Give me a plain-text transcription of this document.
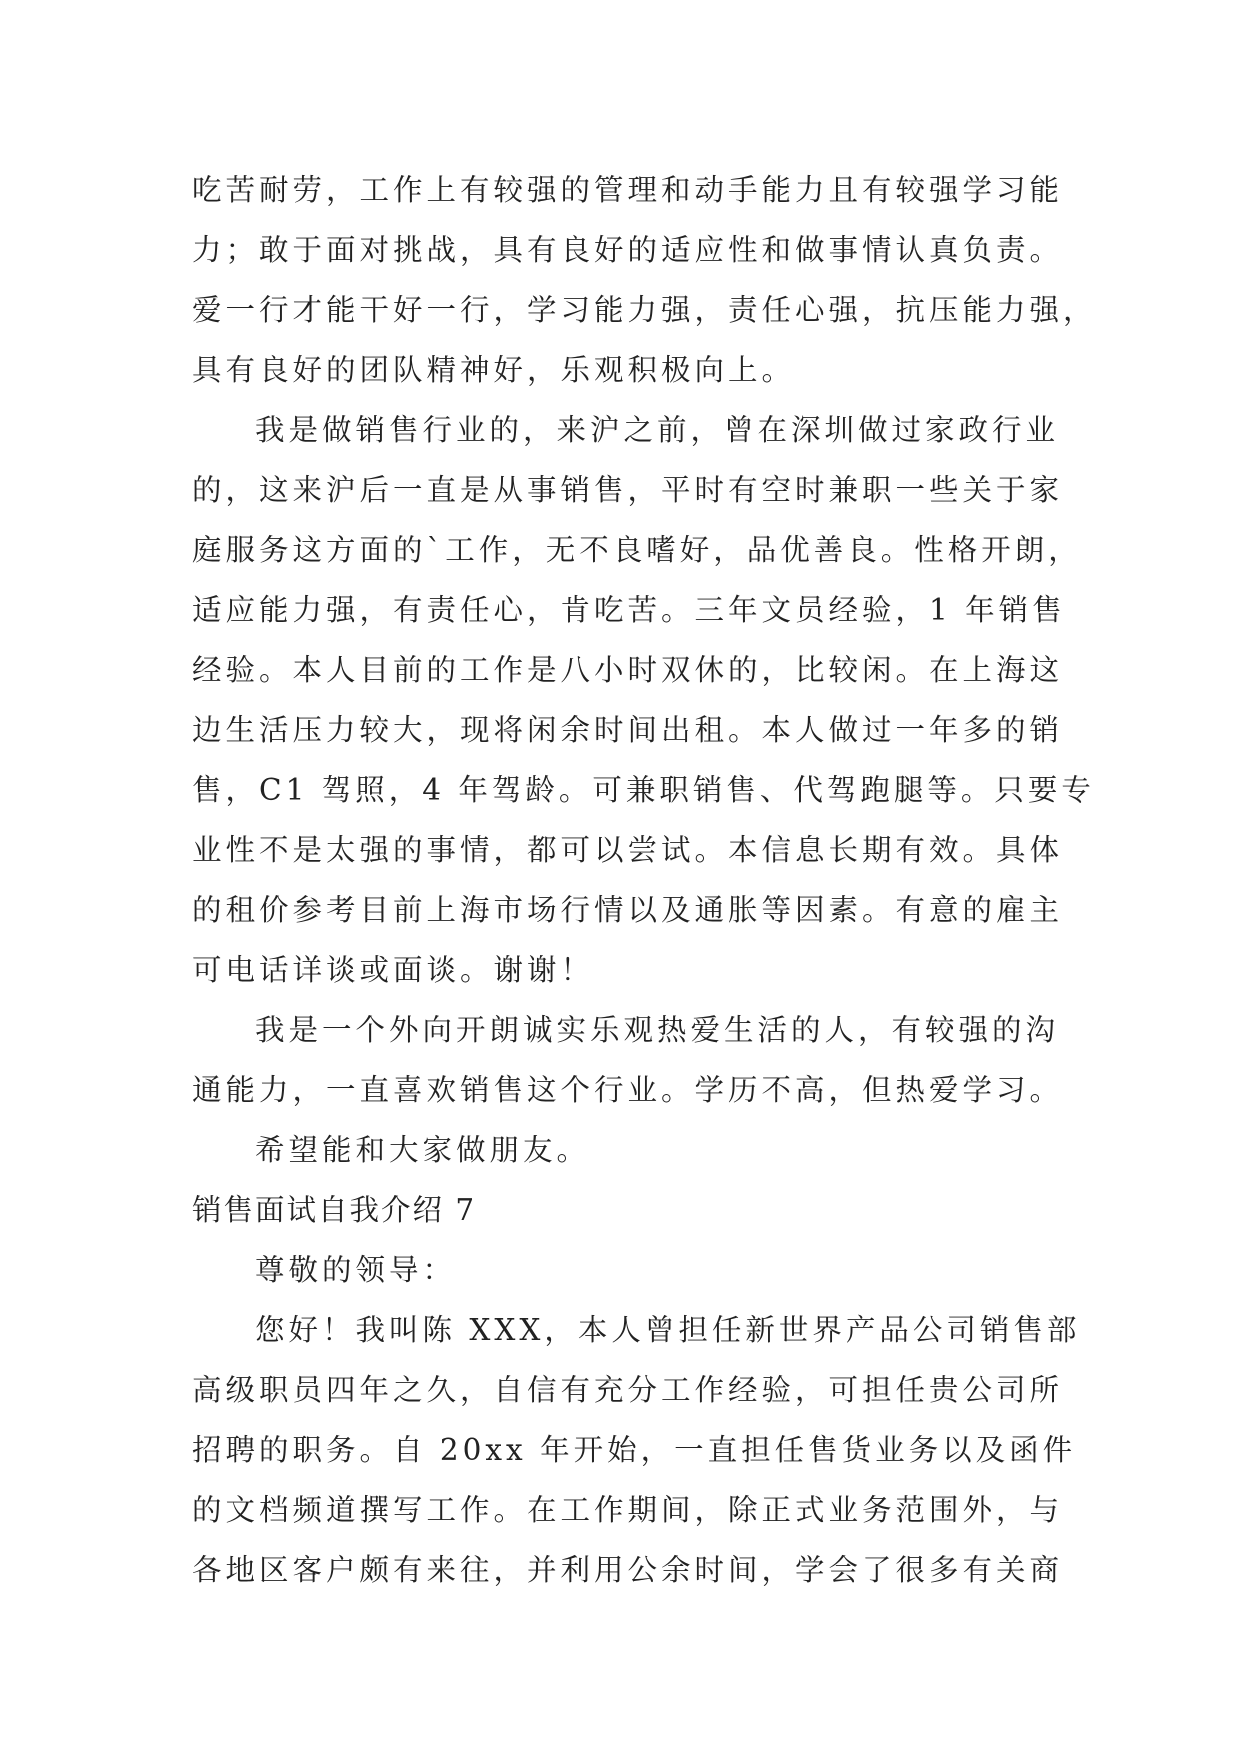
吃苦耐劳，工作上有较强的管理和动手能力且有较强学习能
力；敢于面对挑战，具有良好的适应性和做事情认真负责。
爱一行才能干好一行，学习能力强，责任心强，抗压能力强，
具有良好的团队精神好，乐观积极向上。
我是做销售行业的，来沪之前，曾在深圳做过家政行业
的，这来沪后一直是从事销售，平时有空时兼职一些关于家
庭服务这方面的`工作，无不良嗜好，品优善良。性格开朗，
适应能力强，有责任心，肯吃苦。三年文员经验，1 年销售
经验。本人目前的工作是八小时双休的，比较闲。在上海这
边生活压力较大，现将闲余时间出租。本人做过一年多的销
售，C1 驾照，4 年驾龄。可兼职销售、代驾跑腿等。只要专
业性不是太强的事情，都可以尝试。本信息长期有效。具体
的租价参考目前上海市场行情以及通胀等因素。有意的雇主
可电话详谈或面谈。谢谢！
我是一个外向开朗诚实乐观热爱生活的人，有较强的沟
通能力，一直喜欢销售这个行业。学历不高，但热爱学习。
希望能和大家做朋友。
销售面试自我介绍 7
尊敬的领导：
您好！我叫陈 XXX，本人曾担任新世界产品公司销售部
高级职员四年之久，自信有充分工作经验，可担任贵公司所
招聘的职务。自 20xx 年开始，一直担任售货业务以及函件
的文档频道撰写工作。在工作期间，除正式业务范围外，与
各地区客户颇有来往，并利用公余时间，学会了很多有关商
